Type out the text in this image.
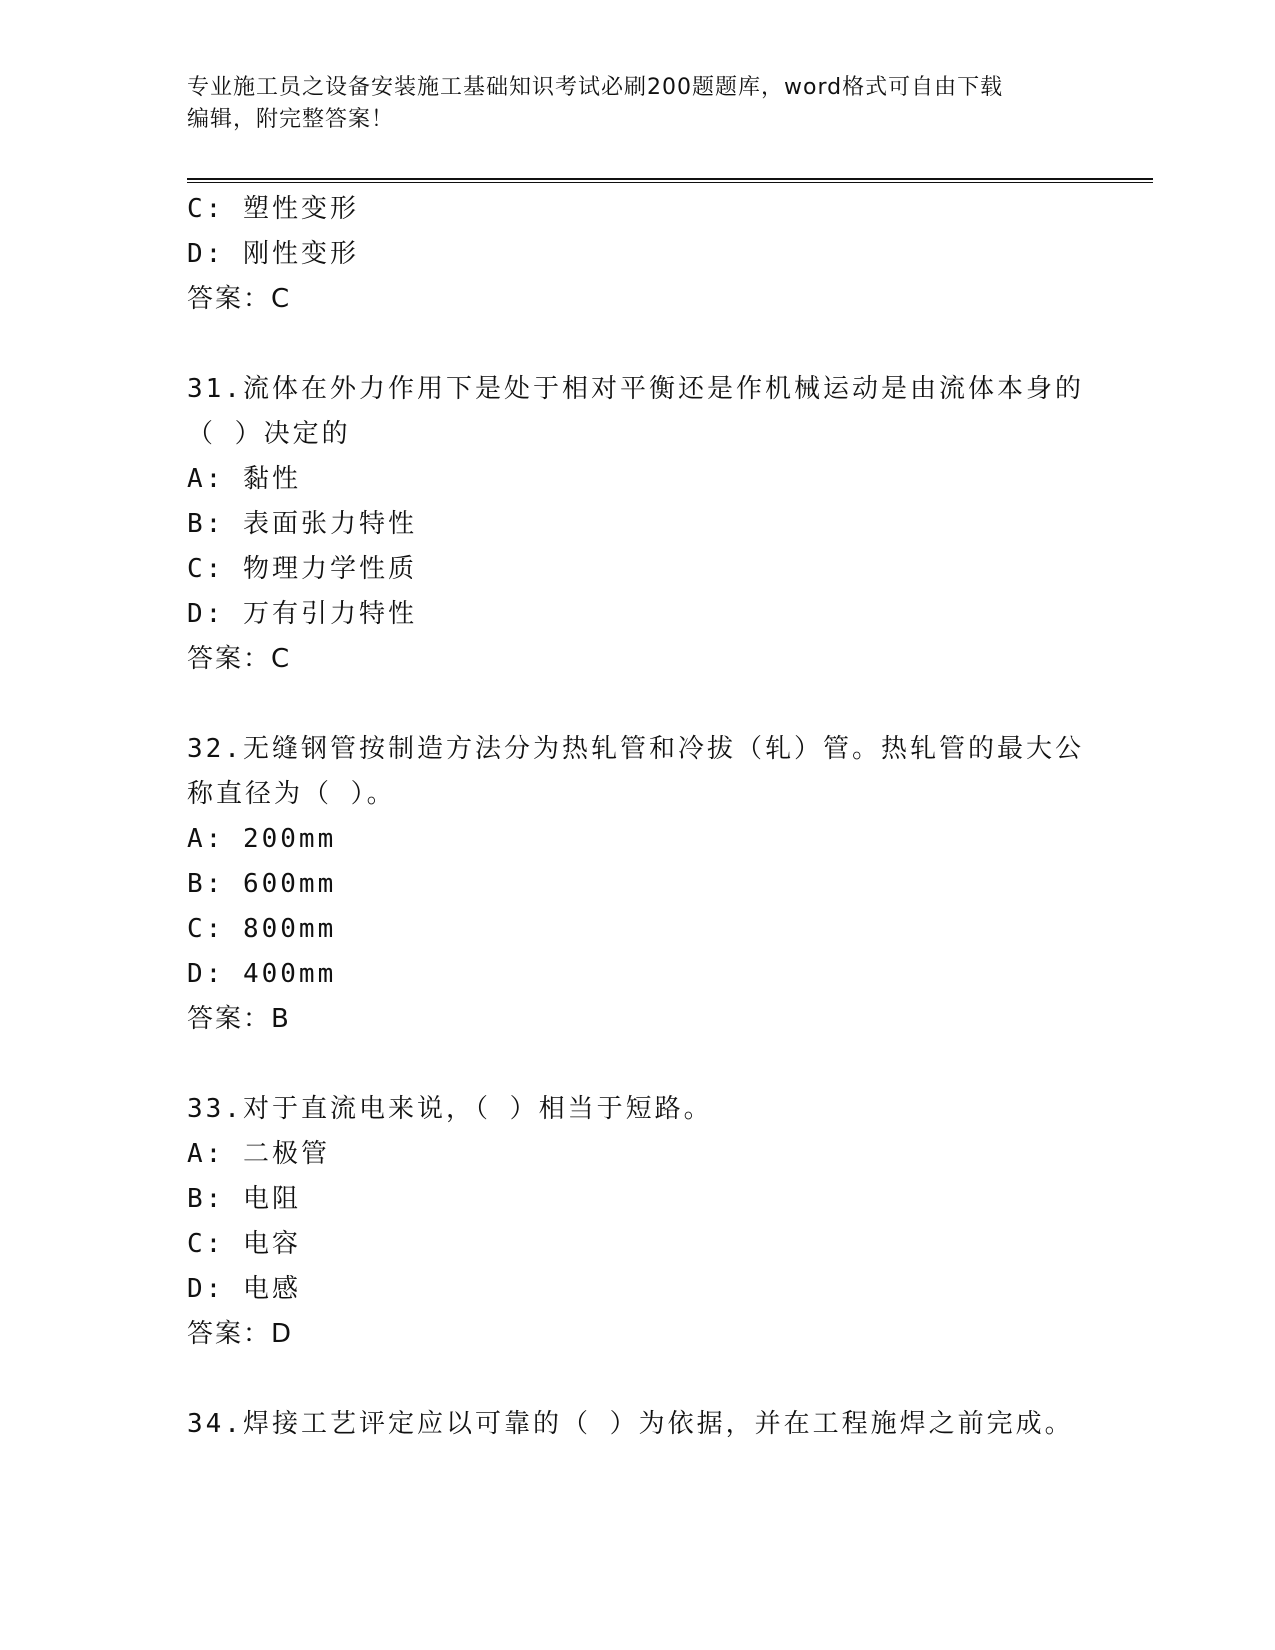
专业施工员之设备安装施工基础知识考试必刷200题题库，word格式可自由下载
编辑，附完整答案！
C: 塑性变形
D: 刚性变形
答案：C
31.流体在外力作用下是处于相对平衡还是作机械运动是由流体本身的
（ ）决定的
A: 黏性
B: 表面张力特性
C: 物理力学性质
D: 万有引力特性
答案：C
32.无缝钢管按制造方法分为热轧管和冷拔（轧）管。热轧管的最大公
称直径为（ ）。
A: 200mm
B: 600mm
C: 800mm
D: 400mm
答案：B
33.对于直流电来说，（ ）相当于短路。
A: 二极管
B: 电阻
C: 电容
D: 电感
答案：D
34.焊接工艺评定应以可靠的（ ）为依据，并在工程施焊之前完成。
